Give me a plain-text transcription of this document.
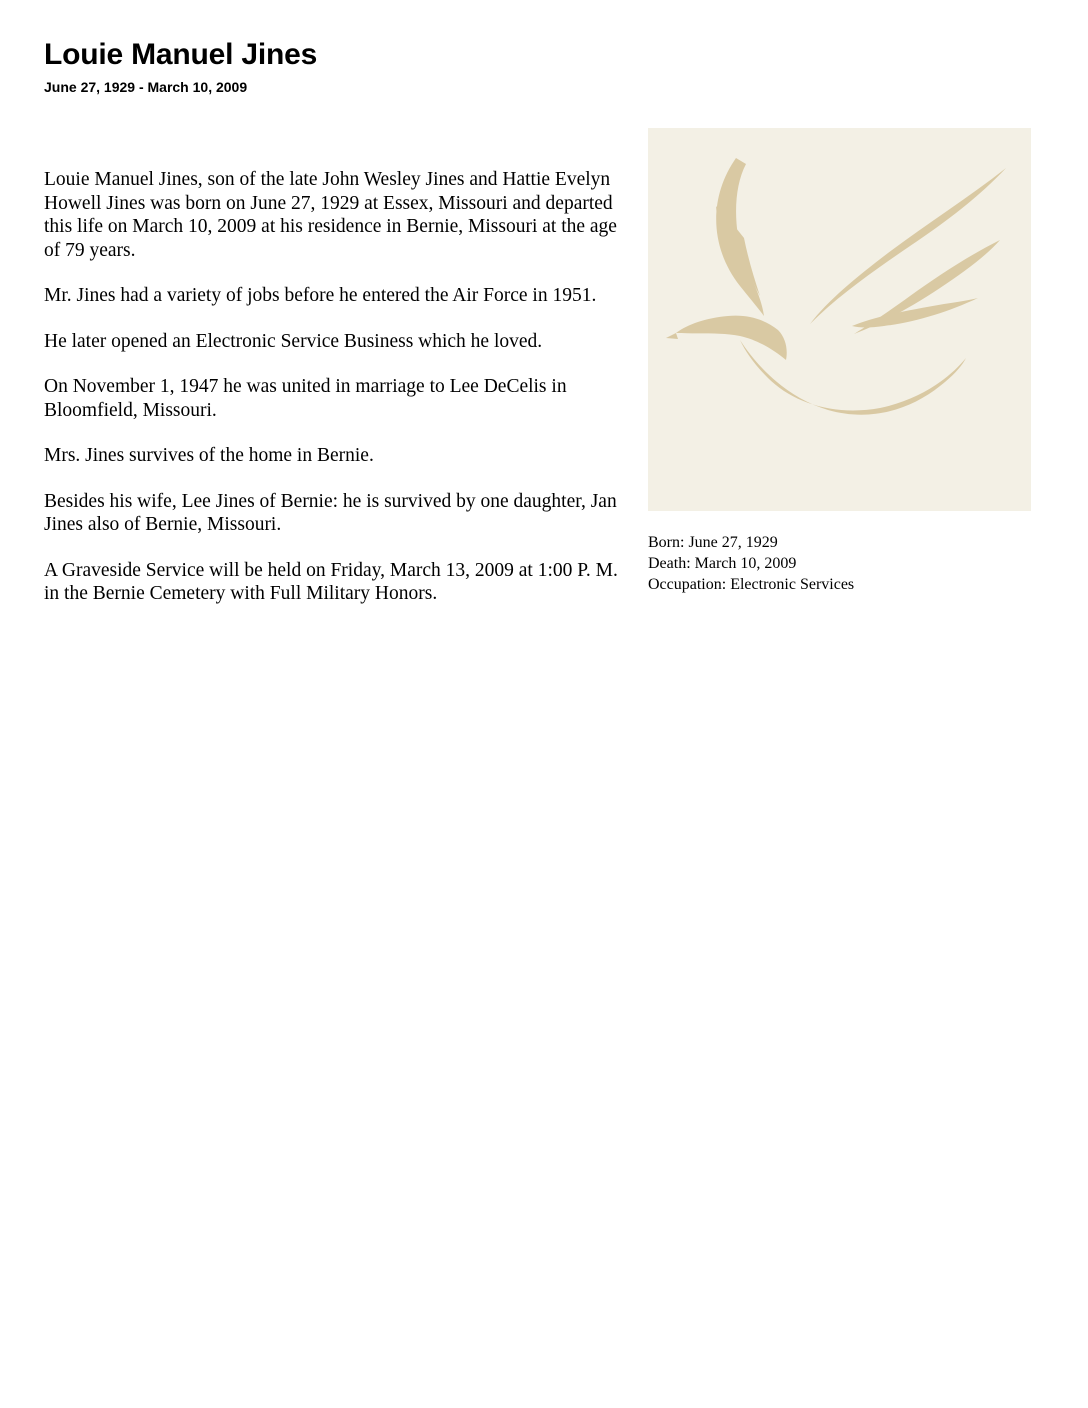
Louie Manuel Jines
June 27, 1929 - March 10, 2009

Louie Manuel Jines, son of the late John Wesley Jines and Hattie Evelyn Howell Jines was born on June 27, 1929 at Essex, Missouri and departed this life on March 10, 2009 at his residence in Bernie, Missouri at the age of 79 years.

Mr. Jines had a variety of jobs before he entered the Air Force in 1951.

He later opened an Electronic Service Business which he loved.

On November 1, 1947 he was united in marriage to Lee DeCelis in Bloomfield, Missouri.

Mrs. Jines survives of the home in Bernie.

Besides his wife, Lee Jines of Bernie: he is survived by one daughter, Jan Jines also of Bernie, Missouri.

A Graveside Service will be held on Friday, March 13, 2009 at 1:00 P. M. in the Bernie Cemetery with Full Military Honors.

Born: June 27, 1929
Death: March 10, 2009
Occupation: Electronic Services
